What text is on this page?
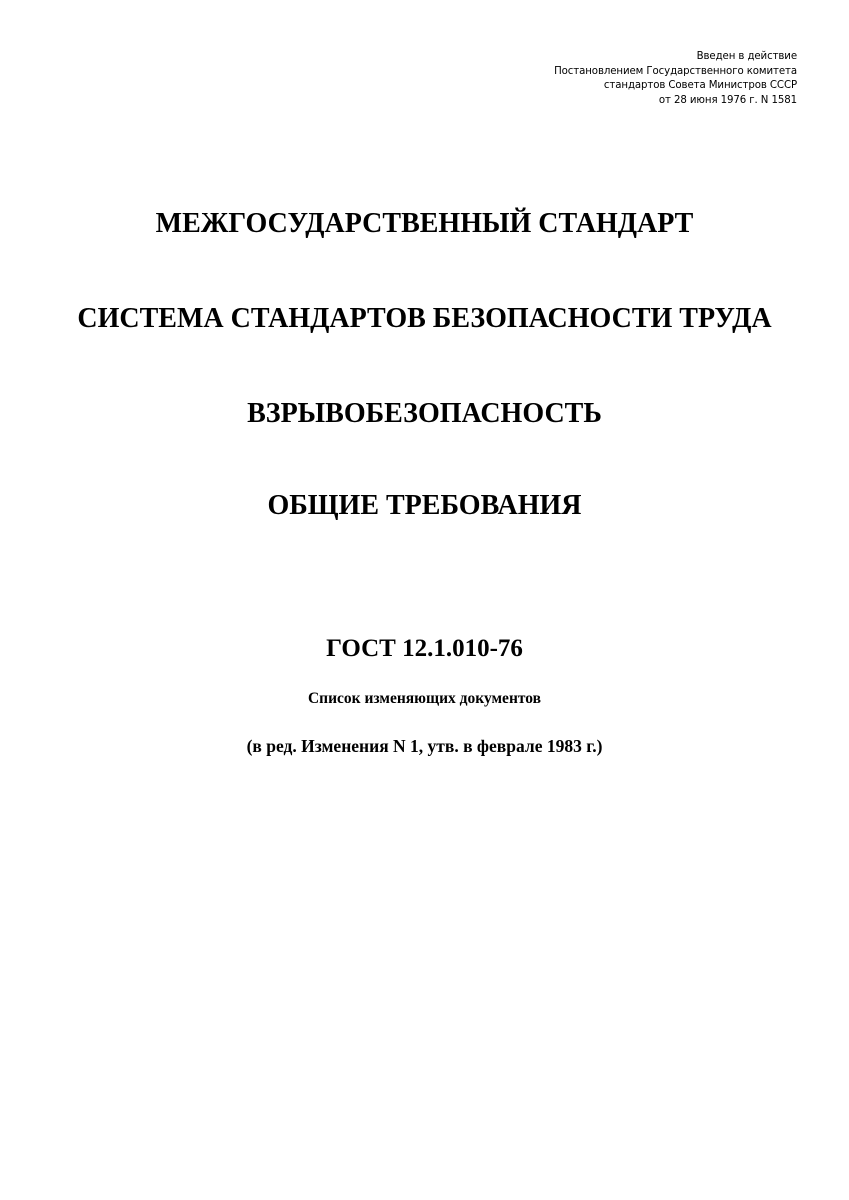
Введен в действие
Постановлением Государственного комитета
стандартов Совета Министров СССР
от 28 июня 1976 г. N 1581
МЕЖГОСУДАРСТВЕННЫЙ СТАНДАРТ
СИСТЕМА СТАНДАРТОВ БЕЗОПАСНОСТИ ТРУДА
ВЗРЫВОБЕЗОПАСНОСТЬ
ОБЩИЕ ТРЕБОВАНИЯ
ГОСТ 12.1.010-76
Список изменяющих документов
(в ред. Изменения N 1, утв. в феврале 1983 г.)
